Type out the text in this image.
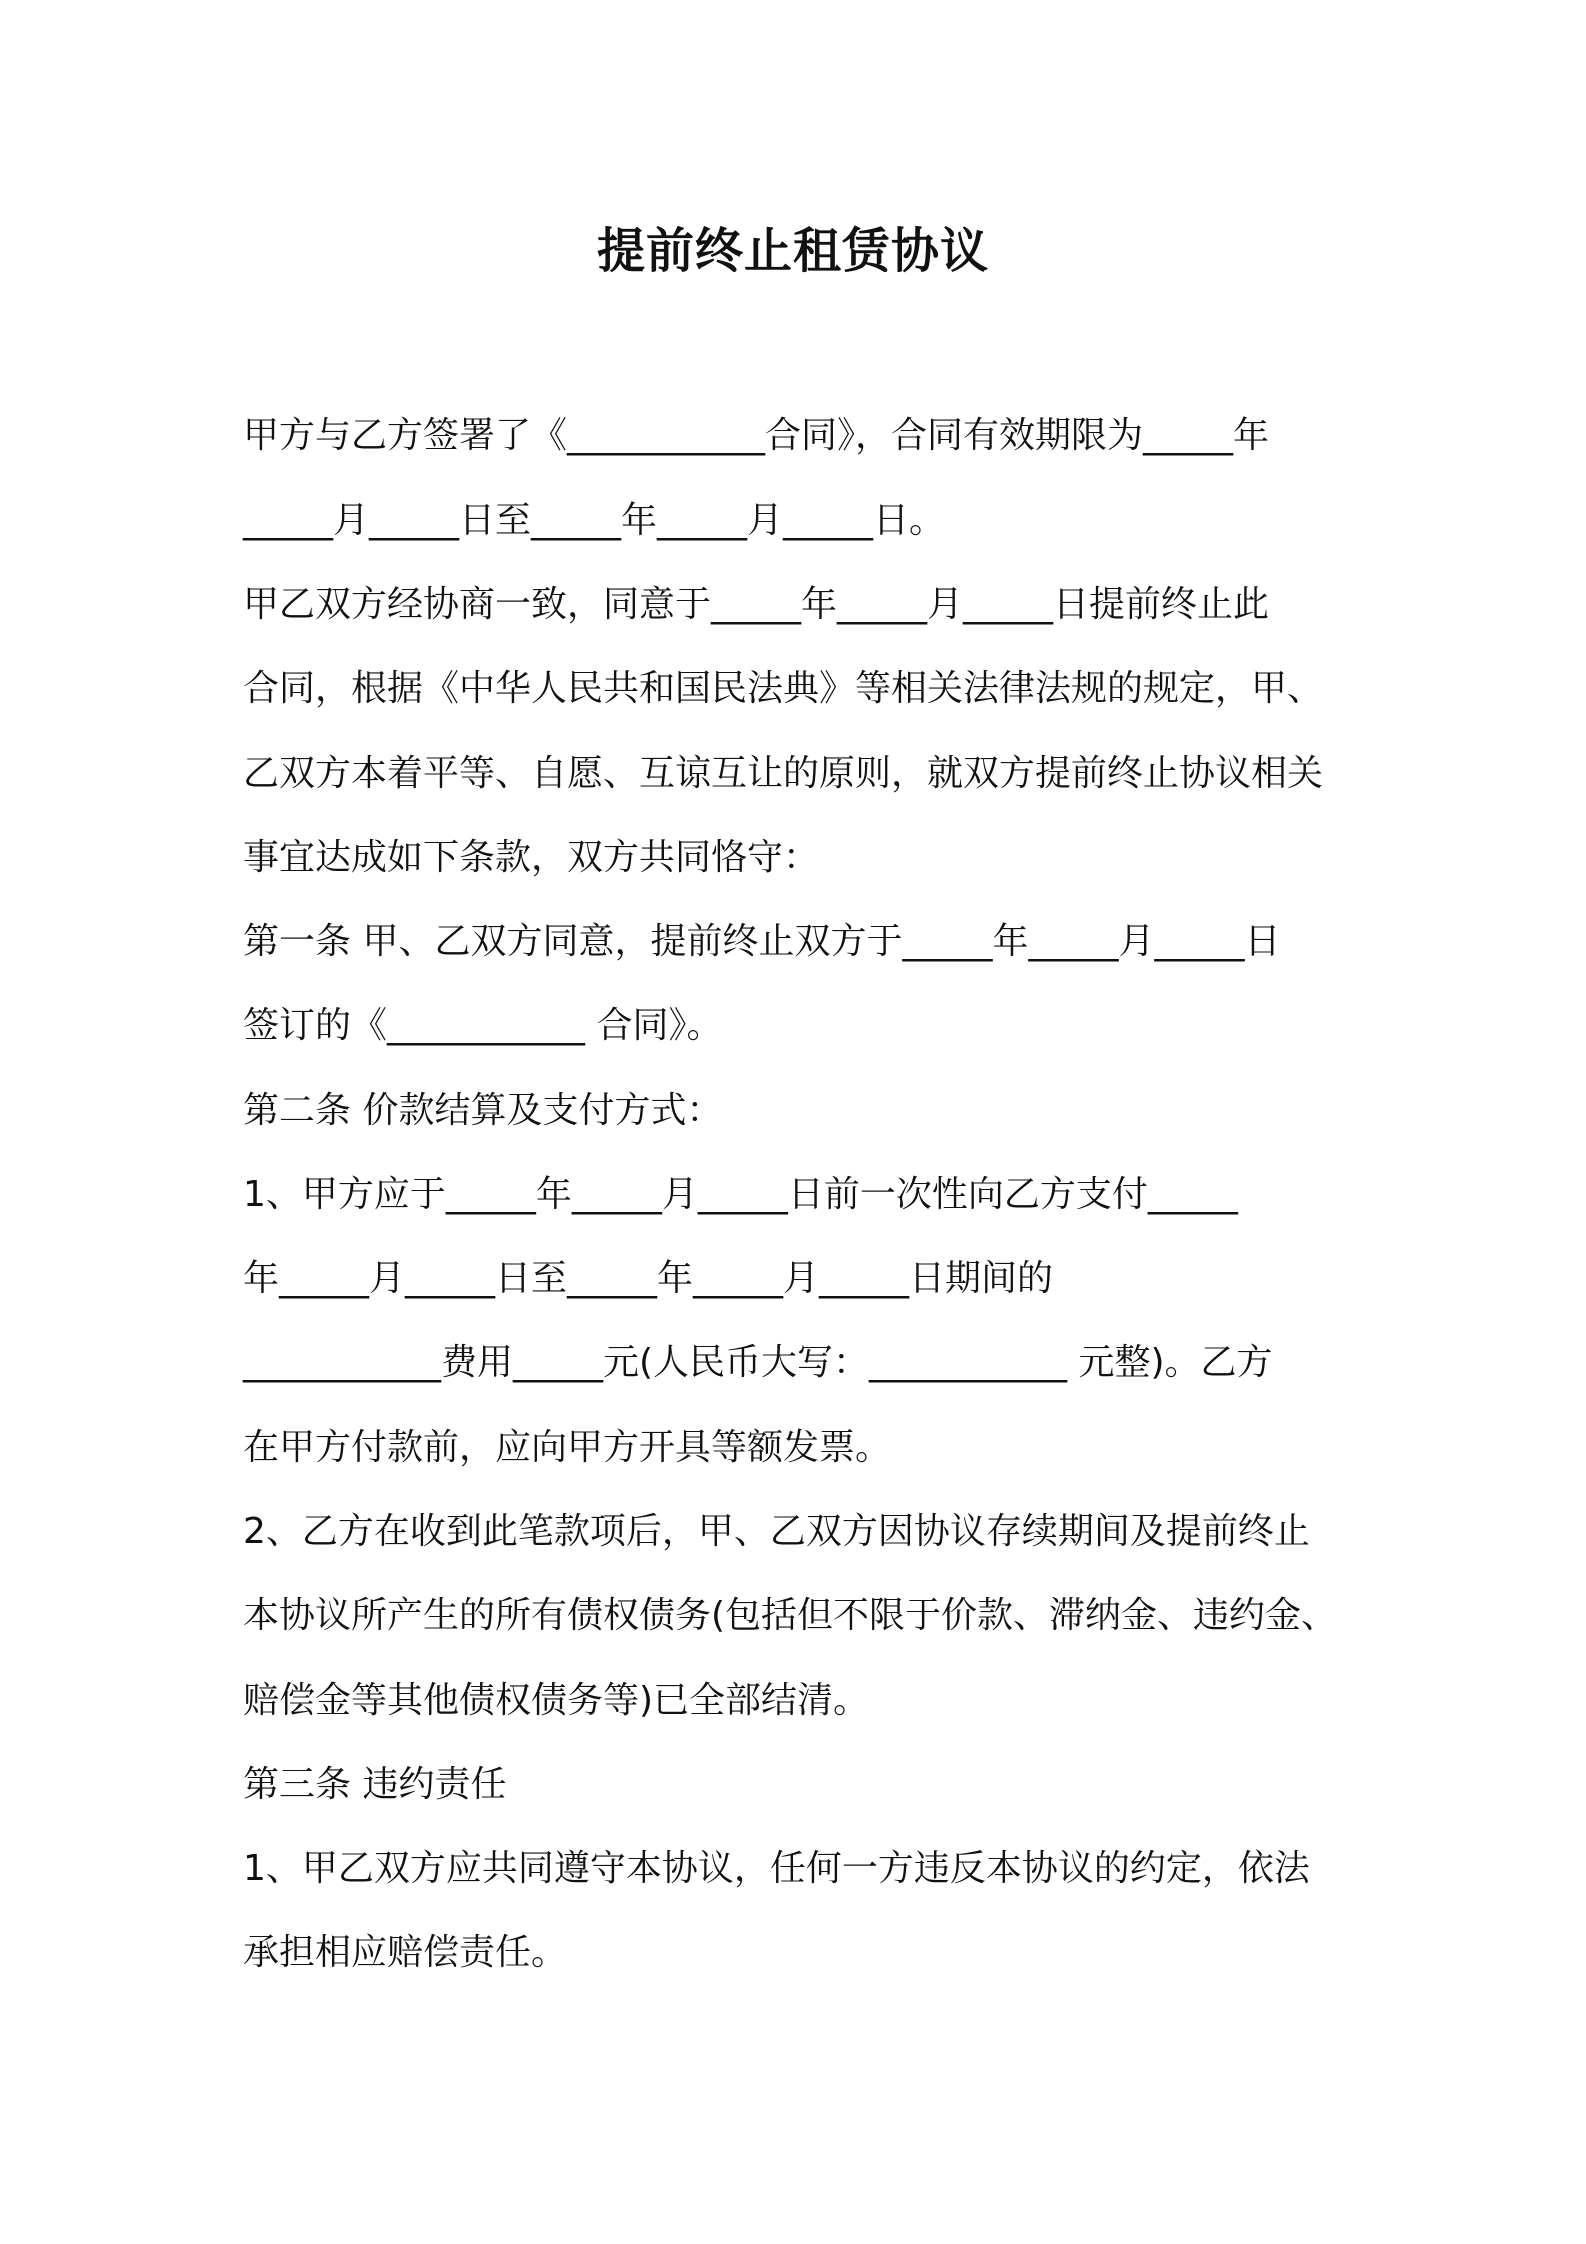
提前终止租赁协议
甲方与乙方签署了《___________合同》，合同有效期限为_____年
_____月_____日至_____年_____月_____日。
甲乙双方经协商一致，同意于_____年_____月_____日提前终止此
合同，根据《中华人民共和国民法典》等相关法律法规的规定，甲、
乙双方本着平等、自愿、互谅互让的原则，就双方提前终止协议相关
事宜达成如下条款，双方共同恪守：
第一条 甲、乙双方同意，提前终止双方于_____年_____月_____日
签订的《___________ 合同》。
第二条 价款结算及支付方式：
1、甲方应于_____年_____月_____日前一次性向乙方支付_____
年_____月_____日至_____年_____月_____日期间的
___________费用_____元(人民币大写：___________ 元整)。乙方
在甲方付款前，应向甲方开具等额发票。
2、乙方在收到此笔款项后，甲、乙双方因协议存续期间及提前终止
本协议所产生的所有债权债务(包括但不限于价款、滞纳金、违约金、
赔偿金等其他债权债务等)已全部结清。
第三条 违约责任
1、甲乙双方应共同遵守本协议，任何一方违反本协议的约定，依法
承担相应赔偿责任。
